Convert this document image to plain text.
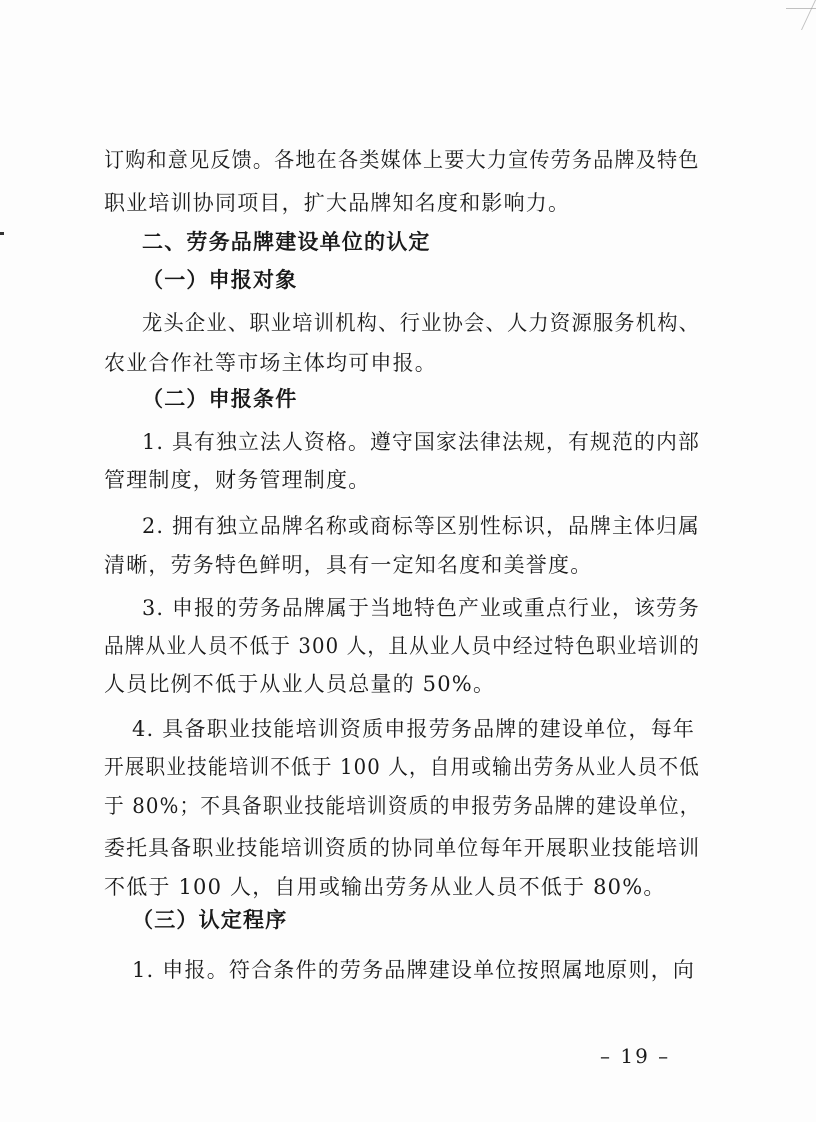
订购和意见反馈。各地在各类媒体上要大力宣传劳务品牌及特色
职业培训协同项目，扩大品牌知名度和影响力。
二、劳务品牌建设单位的认定
（一）申报对象
龙头企业、职业培训机构、行业协会、人力资源服务机构、
农业合作社等市场主体均可申报。
（二）申报条件
1. 具有独立法人资格。遵守国家法律法规，有规范的内部
管理制度，财务管理制度。
2. 拥有独立品牌名称或商标等区别性标识，品牌主体归属
清晰，劳务特色鲜明，具有一定知名度和美誉度。
3. 申报的劳务品牌属于当地特色产业或重点行业，该劳务
品牌从业人员不低于 300 人，且从业人员中经过特色职业培训的
人员比例不低于从业人员总量的 50%。
4. 具备职业技能培训资质申报劳务品牌的建设单位，每年
开展职业技能培训不低于 100 人，自用或输出劳务从业人员不低
于 80%；不具备职业技能培训资质的申报劳务品牌的建设单位，
委托具备职业技能培训资质的协同单位每年开展职业技能培训
不低于 100 人，自用或输出劳务从业人员不低于 80%。
（三）认定程序
1. 申报。符合条件的劳务品牌建设单位按照属地原则，向
– 19 –
